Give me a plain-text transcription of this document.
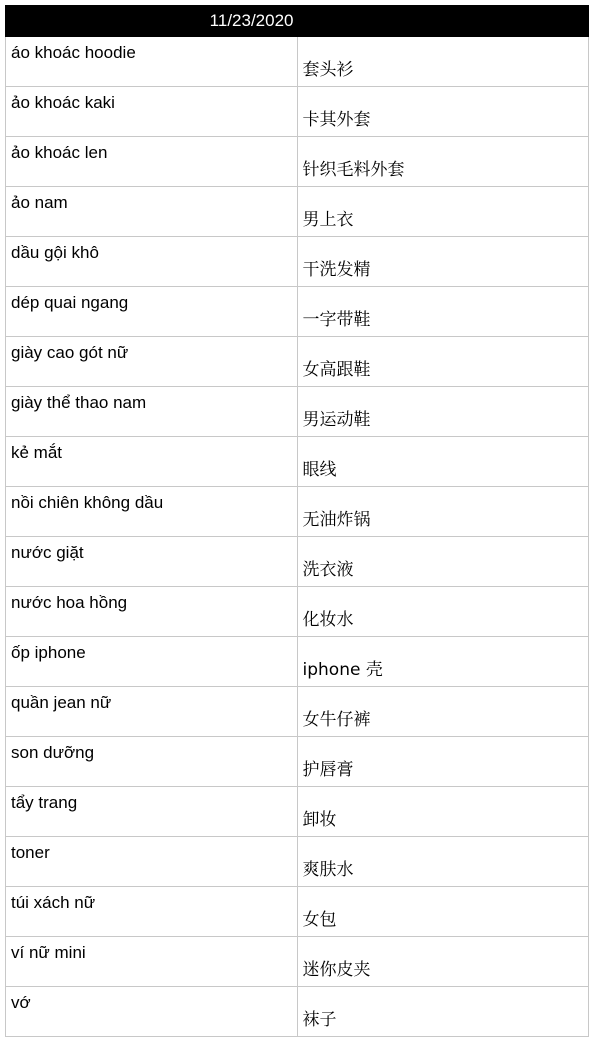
11/23/2020	
áo khoác hoodie	套头衫
ảo khoác kaki	卡其外套
ảo khoác len	针织毛料外套
ảo nam	男上衣
dầu gội khô	干洗发精
dép quai ngang	一字带鞋
giày cao gót nữ	女高跟鞋
giày thể thao nam	男运动鞋
kẻ mắt	眼线
nồi chiên không dầu	无油炸锅
nước giặt	洗衣液
nước hoa hồng	化妆水
ốp iphone	iphone 壳
quần jean nữ	女牛仔裤
son dưỡng	护唇膏
tẩy trang	卸妆
toner	爽肤水
túi xách nữ	女包
ví nữ mini	迷你皮夹
vớ	袜子
